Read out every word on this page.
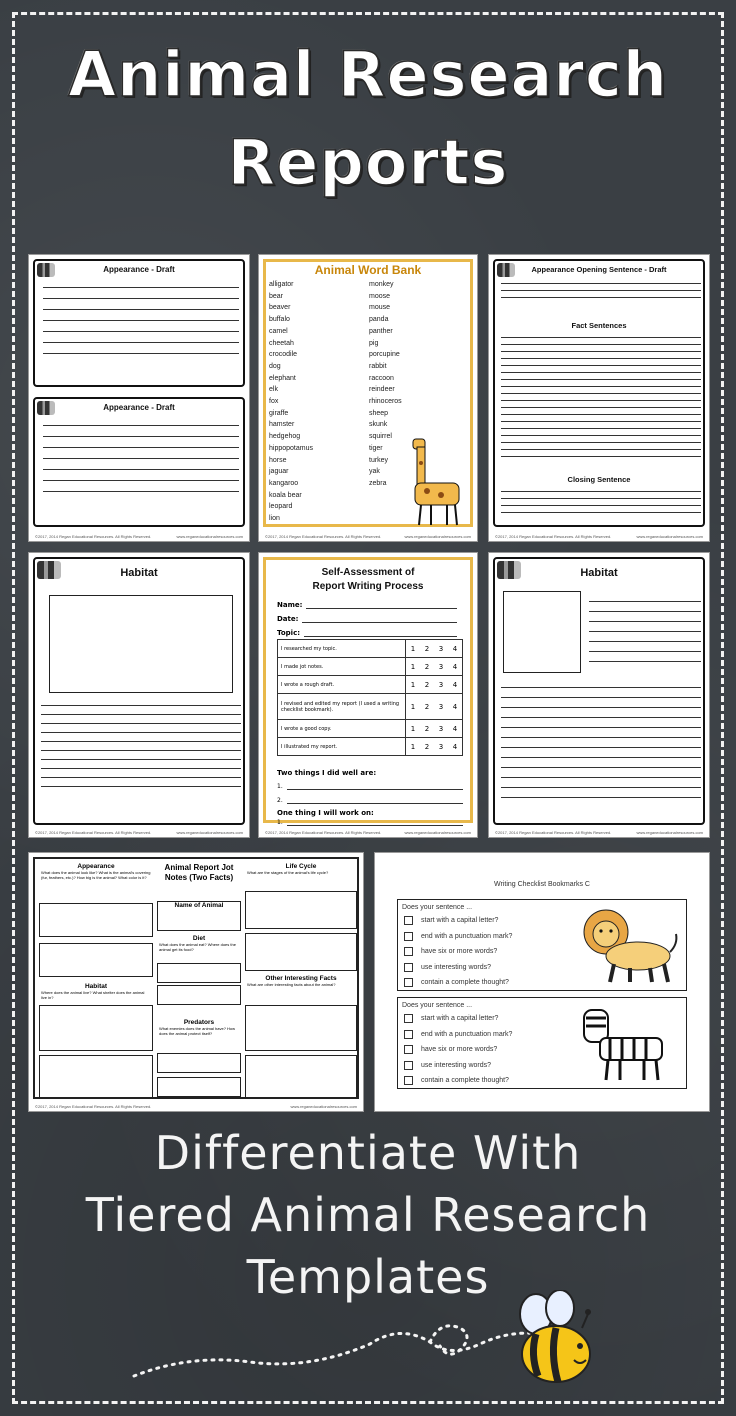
Animal Research
Reports
Appearance - Draft
Appearance - Draft
©2017, 2014 Regan Educational Resources. All Rights Reserved.	www.reganeducationalresources.com
Animal Word Bank
alligator
bear
beaver
buffalo
camel
cheetah
crocodile
dog
elephant
elk
fox
giraffe
hamster
hedgehog
hippopotamus
horse
jaguar
kangaroo
koala bear
leopard
lion
monkey
moose
mouse
panda
panther
pig
porcupine
rabbit
raccoon
reindeer
rhinoceros
sheep
skunk
squirrel
tiger
turkey
yak
zebra
©2017, 2014 Regan Educational Resources. All Rights Reserved.	www.reganeducationalresources.com
Appearance Opening Sentence - Draft
Fact Sentences
Closing Sentence
©2017, 2014 Regan Educational Resources. All Rights Reserved.	www.reganeducationalresources.com
Habitat
©2017, 2014 Regan Educational Resources. All Rights Reserved.	www.reganeducationalresources.com
Self-Assessment of
Report Writing Process
Name:
Date:
Topic:
I researched my topic.	1	2	3	4
I made jot notes.	1	2	3	4
I wrote a rough draft.	1	2	3	4
I revised and edited my report (I used a writing checklist bookmark).	1	2	3	4
I wrote a good copy.	1	2	3	4
I illustrated my report.	1	2	3	4
Two things I did well are:
1.
2.
One thing I will work on:
1.
©2017, 2014 Regan Educational Resources. All Rights Reserved.	www.reganeducationalresources.com
Habitat
©2017, 2014 Regan Educational Resources. All Rights Reserved.	www.reganeducationalresources.com
Appearance
What does the animal look like? What is the animal's covering (fur, feathers, etc.)? How big is the animal? What color is it?
Animal Report Jot Notes (Two Facts)
Name of Animal
Diet
What does the animal eat? Where does the animal get its food?
Life Cycle
What are the stages of the animal's life cycle?
Habitat
Where does the animal live? What shelter does the animal live in?
Predators
What enemies does the animal have? How does the animal protect itself?
Other Interesting Facts
What are other interesting facts about the animal?
©2017, 2014 Regan Educational Resources. All Rights Reserved.	www.reganeducationalresources.com
Writing Checklist Bookmarks C
Does your sentence ...
start with a capital letter?
end with a punctuation mark?
have six or more words?
use interesting words?
contain a complete thought?
Does your sentence ...
start with a capital letter?
end with a punctuation mark?
have six or more words?
use interesting words?
contain a complete thought?
Differentiate With
Tiered Animal Research
Templates
